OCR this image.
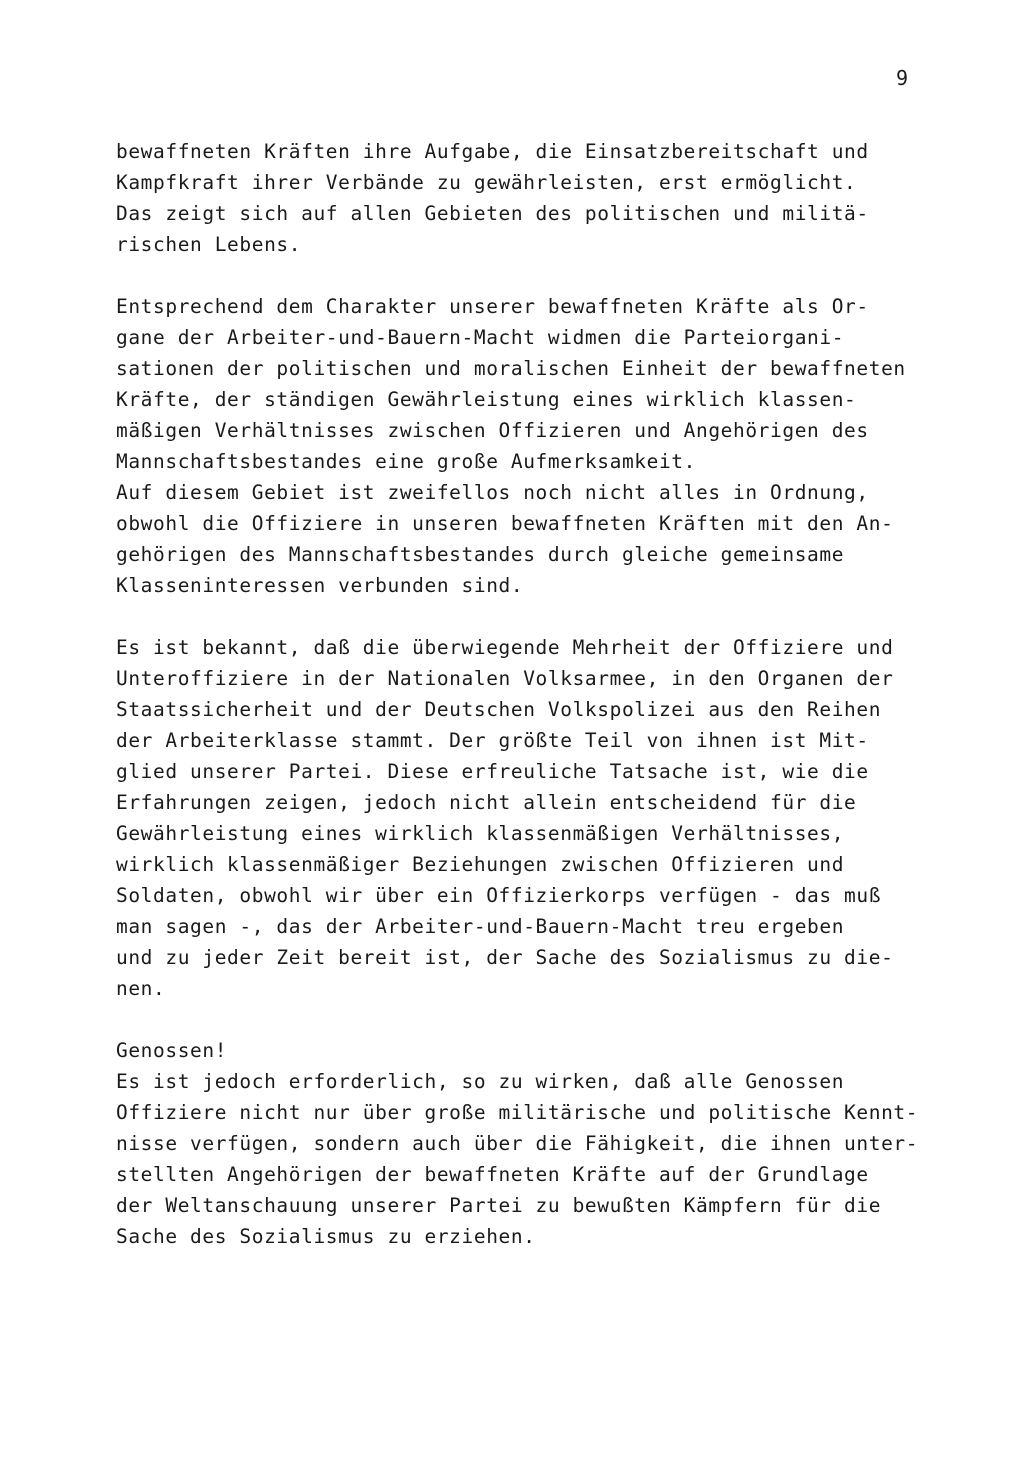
9
bewaffneten Kräften ihre Aufgabe, die Einsatzbereitschaft und
Kampfkraft ihrer Verbände zu gewährleisten, erst ermöglicht.
Das zeigt sich auf allen Gebieten des politischen und militä-
rischen Lebens.
Entsprechend dem Charakter unserer bewaffneten Kräfte als Or-
gane der Arbeiter-und-Bauern-Macht widmen die Parteiorgani-
sationen der politischen und moralischen Einheit der bewaffneten
Kräfte, der ständigen Gewährleistung eines wirklich klassen-
mäßigen Verhältnisses zwischen Offizieren und Angehörigen des
Mannschaftsbestandes eine große Aufmerksamkeit.
Auf diesem Gebiet ist zweifellos noch nicht alles in Ordnung,
obwohl die Offiziere in unseren bewaffneten Kräften mit den An-
gehörigen des Mannschaftsbestandes durch gleiche gemeinsame
Klasseninteressen verbunden sind.
Es ist bekannt, daß die überwiegende Mehrheit der Offiziere und
Unteroffiziere in der Nationalen Volksarmee, in den Organen der
Staatssicherheit und der Deutschen Volkspolizei aus den Reihen
der Arbeiterklasse stammt. Der größte Teil von ihnen ist Mit-
glied unserer Partei. Diese erfreuliche Tatsache ist, wie die
Erfahrungen zeigen, jedoch nicht allein entscheidend für die
Gewährleistung eines wirklich klassenmäßigen Verhältnisses,
wirklich klassenmäßiger Beziehungen zwischen Offizieren und
Soldaten, obwohl wir über ein Offizierkorps verfügen - das muß
man sagen -, das der Arbeiter-und-Bauern-Macht treu ergeben
und zu jeder Zeit bereit ist, der Sache des Sozialismus zu die-
nen.
Genossen!
Es ist jedoch erforderlich, so zu wirken, daß alle Genossen
Offiziere nicht nur über große militärische und politische Kennt-
nisse verfügen, sondern auch über die Fähigkeit, die ihnen unter-
stellten Angehörigen der bewaffneten Kräfte auf der Grundlage
der Weltanschauung unserer Partei zu bewußten Kämpfern für die
Sache des Sozialismus zu erziehen.
